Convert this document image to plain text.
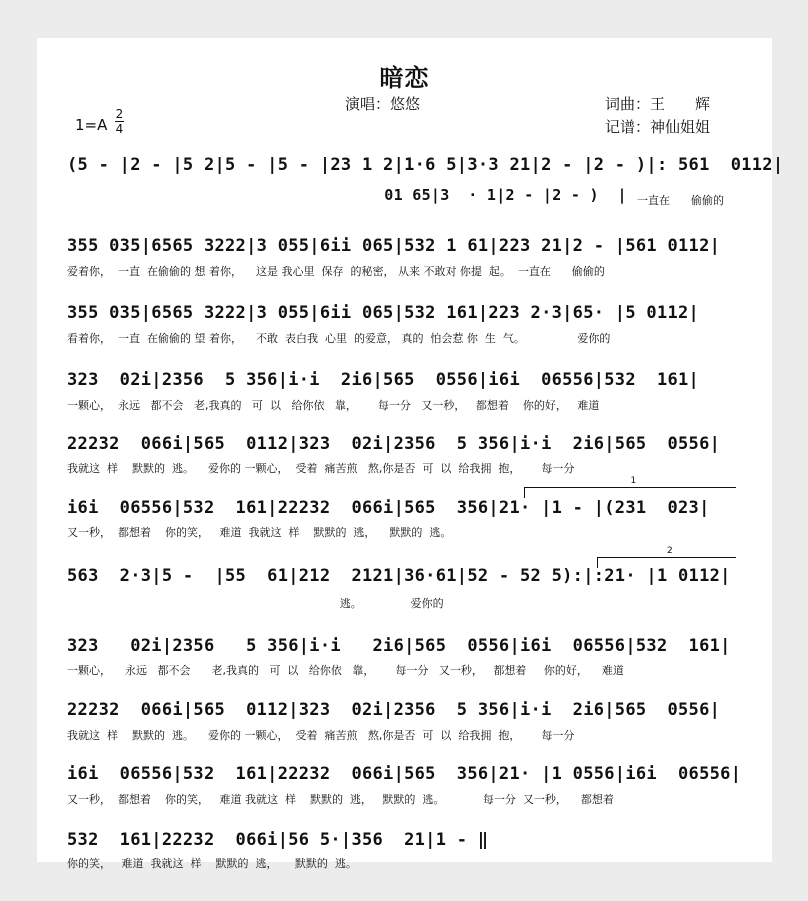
暗恋
演唱：悠悠	词曲：王　　辉
记谱：神仙姐姐
1=A
2
4
(5 - |2 - |5 2|5 - |5 - |23 1 2|1·6 5|3·3 21|2 - |2 - )|: 561  0112|
01 65|3  · 1|2 - |2 - )  | 一直在      偷偷的
355 035|6565 3222|3 055|6ii 065|532 1 61|223 21|2 - |561 0112|
爱着你，  一直  在偷偷的 想 着你，    这是 我心里  保存  的秘密， 从来 不敢对 你提  起。  一直在      偷偷的
355 035|6565 3222|3 055|6ii 065|532 161|223 2·3|65· |5 0112|
看着你，  一直  在偷偷的 望 着你，    不敢  表白我  心里  的爱意， 真的  怕会惹 你  生  气。               爱你的
323  02i|2356  5 356|i·i  2i6|565  0556|i6i  06556|532  161|
一颗心，  永远   都不会   老,我真的   可  以   给你依   靠，      每一分   又一秒，   都想着    你的好，   难道
22232  066i|565  0112|323  02i|2356  5 356|i·i  2i6|565  0556|
我就这  样    默默的  逃。    爱你的 一颗心，  受着  痛苦煎   熬,你是否  可  以  给我拥  抱，      每一分
1
i6i  06556|532  161|22232  066i|565  356|21· |1 - |(231  023|
又一秒，  都想着    你的笑，   难道  我就这  样    默默的  逃，    默默的  逃。
2
563  2·3|5 -  |55  61|212  2121|36·61|52 - 52 5):|:21· |1 0112|
逃。              爱你的
323   02i|2356   5 356|i·i   2i6|565  0556|i6i  06556|532  161|
一颗心，    永远   都不会      老,我真的   可  以   给你依   靠，      每一分   又一秒，   都想着     你的好，    难道
22232  066i|565  0112|323  02i|2356  5 356|i·i  2i6|565  0556|
我就这  样    默默的  逃。    爱你的 一颗心，  受着  痛苦煎   熬,你是否  可  以  给我拥  抱，      每一分
i6i  06556|532  161|22232  066i|565  356|21· |1 0556|i6i  06556|
又一秒，  都想着    你的笑，   难道 我就这  样    默默的  逃，   默默的  逃。           每一分  又一秒，    都想着
532  161|22232  066i|56 5·|356  21|1 - ‖
你的笑，   难道  我就这  样    默默的  逃，     默默的  逃。
